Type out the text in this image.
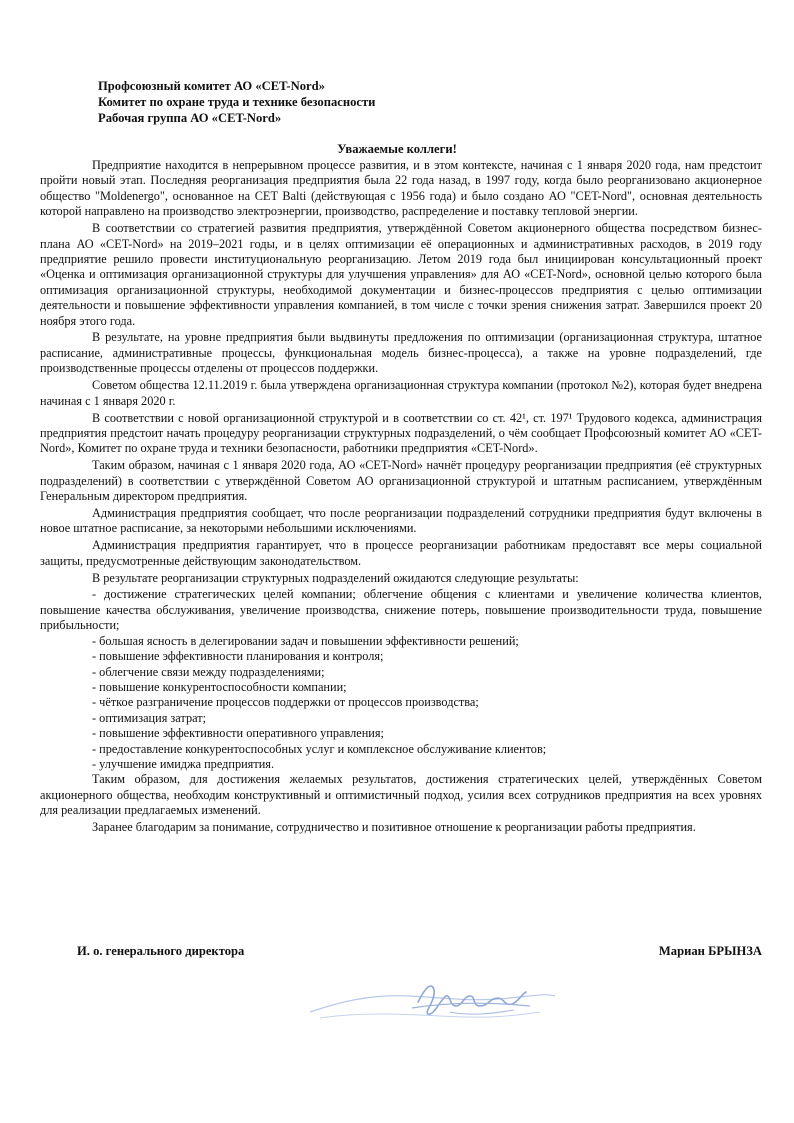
Профсоюзный комитет АО «CET-Nord»
Комитет по охране труда и технике безопасности
Рабочая группа АО «CET-Nord»
Уважаемые коллеги!

Предприятие находится в непрерывном процессе развития, и в этом контексте, начиная с 1 января 2020 года, нам предстоит пройти новый этап. Последняя реорганизация предприятия была 22 года назад, в 1997 году, когда было реорганизовано акционерное общество "Moldenergo", основанное на CET Balti (действующая с 1956 года) и было создано АО "CET-Nord", основная деятельность которой направлено на производство электроэнергии, производство, распределение и поставку тепловой энергии.

В соответствии со стратегией развития предприятия, утверждённой Советом акционерного общества посредством бизнес-плана АО «CET-Nord» на 2019–2021 годы, и в целях оптимизации её операционных и административных расходов, в 2019 году предприятие решило провести институциональную реорганизацию. Летом 2019 года был инициирован консультационный проект «Оценка и оптимизация организационной структуры для улучшения управления» для АО «CET-Nord», основной целью которого была оптимизация организационной структуры, необходимой документации и бизнес-процессов предприятия с целью оптимизации деятельности и повышение эффективности управления компанией, в том числе с точки зрения снижения затрат. Завершился проект 20 ноября этого года.

В результате, на уровне предприятия были выдвинуты предложения по оптимизации (организационная структура, штатное расписание, административные процессы, функциональная модель бизнес-процесса), а также на уровне подразделений, где производственные процессы отделены от процессов поддержки.

Советом общества 12.11.2019 г. была утверждена организационная структура компании (протокол №2), которая будет внедрена начиная с 1 января 2020 г.

В соответствии с новой организационной структурой и в соответствии со ст. 42¹, ст. 197¹ Трудового кодекса, администрация предприятия предстоит начать процедуру реорганизации структурных подразделений, о чём сообщает Профсоюзный комитет АО «CET- Nord», Комитет по охране труда и техники безопасности, работники предприятия «CET-Nord».

Таким образом, начиная с 1 января 2020 года, АО «CET-Nord» начнёт процедуру реорганизации предприятия (её структурных подразделений) в соответствии с утверждённой Советом АО организационной структурой и штатным расписанием, утверждённым Генеральным директором предприятия.

Администрация предприятия сообщает, что после реорганизации подразделений сотрудники предприятия будут включены в новое штатное расписание, за некоторыми небольшими исключениями.

Администрация предприятия гарантирует, что в процессе реорганизации работникам предоставят все меры социальной защиты, предусмотренные действующим законодательством.

В результате реорганизации структурных подразделений ожидаются следующие результаты:

- достижение стратегических целей компании; облегчение общения с клиентами и увеличение количества клиентов, повышение качества обслуживания, увеличение производства, снижение потерь, повышение производительности труда, повышение прибыльности;
- большая ясность в делегировании задач и повышении эффективности решений;
- повышение эффективности планирования и контроля;
- облегчение связи между подразделениями;
- повышение конкурентоспособности компании;
- чёткое разграничение процессов поддержки от процессов производства;
- оптимизация затрат;
- повышение эффективности оперативного управления;
- предоставление конкурентоспособных услуг и комплексное обслуживание клиентов;
- улучшение имиджа предприятия.

Таким образом, для достижения желаемых результатов, достижения стратегических целей, утверждённых Советом акционерного общества, необходим конструктивный и оптимистичный подход, усилия всех сотрудников предприятия на всех уровнях для реализации предлагаемых изменений.

Заранее благодарим за понимание, сотрудничество и позитивное отношение к реорганизации работы предприятия.

И. о. генерального директора	Мариан БРЫНЗА
